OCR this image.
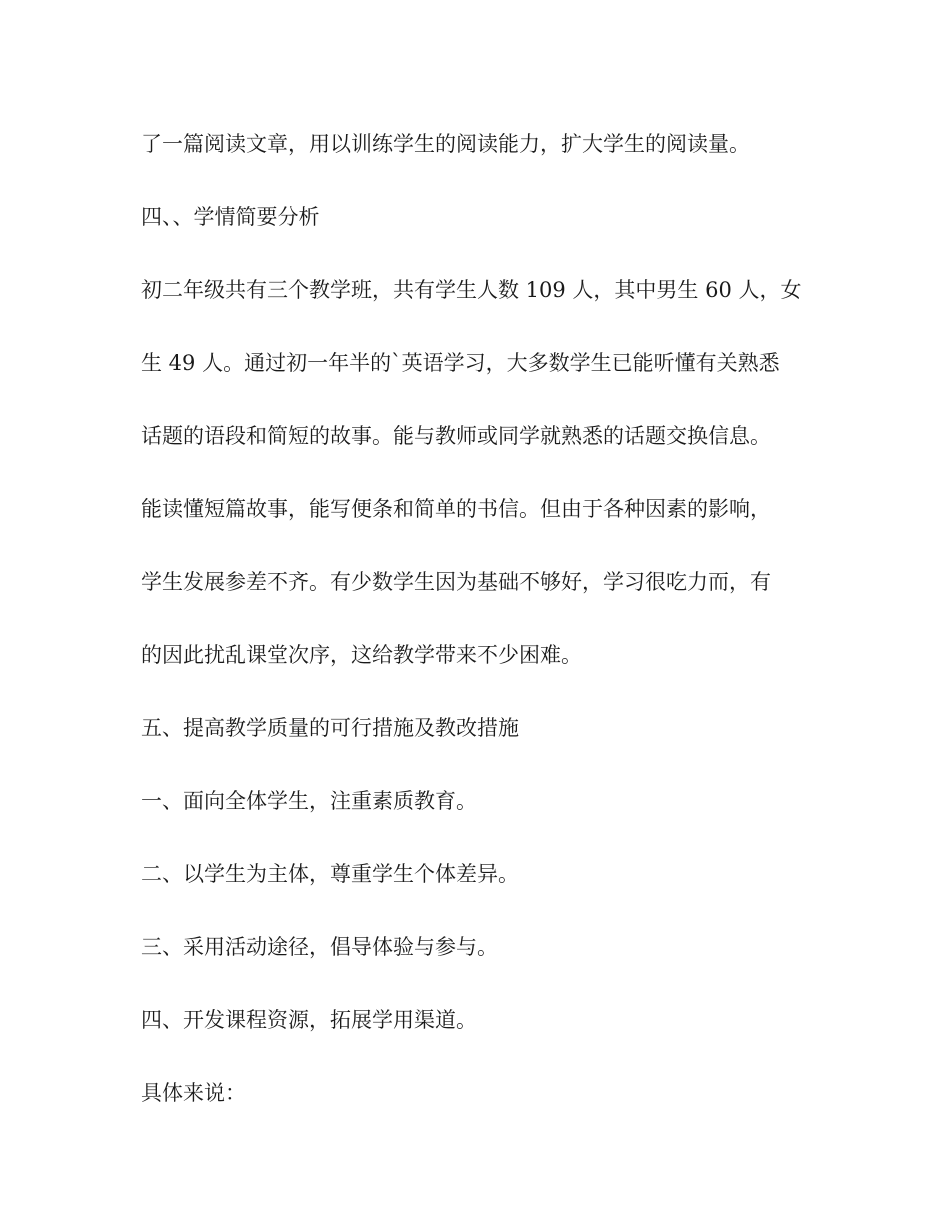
了一篇阅读文章，用以训练学生的阅读能力，扩大学生的阅读量。

四、、学情简要分析

初二年级共有三个教学班，共有学生人数 109 人，其中男生 60 人，女

生 49 人。通过初一年半的`英语学习，大多数学生已能听懂有关熟悉

话题的语段和简短的故事。能与教师或同学就熟悉的话题交换信息。

能读懂短篇故事，能写便条和简单的书信。但由于各种因素的影响，

学生发展参差不齐。有少数学生因为基础不够好，学习很吃力而，有

的因此扰乱课堂次序，这给教学带来不少困难。

五、提高教学质量的可行措施及教改措施

一、面向全体学生，注重素质教育。

二、以学生为主体，尊重学生个体差异。

三、采用活动途径，倡导体验与参与。

四、开发课程资源，拓展学用渠道。

具体来说：
